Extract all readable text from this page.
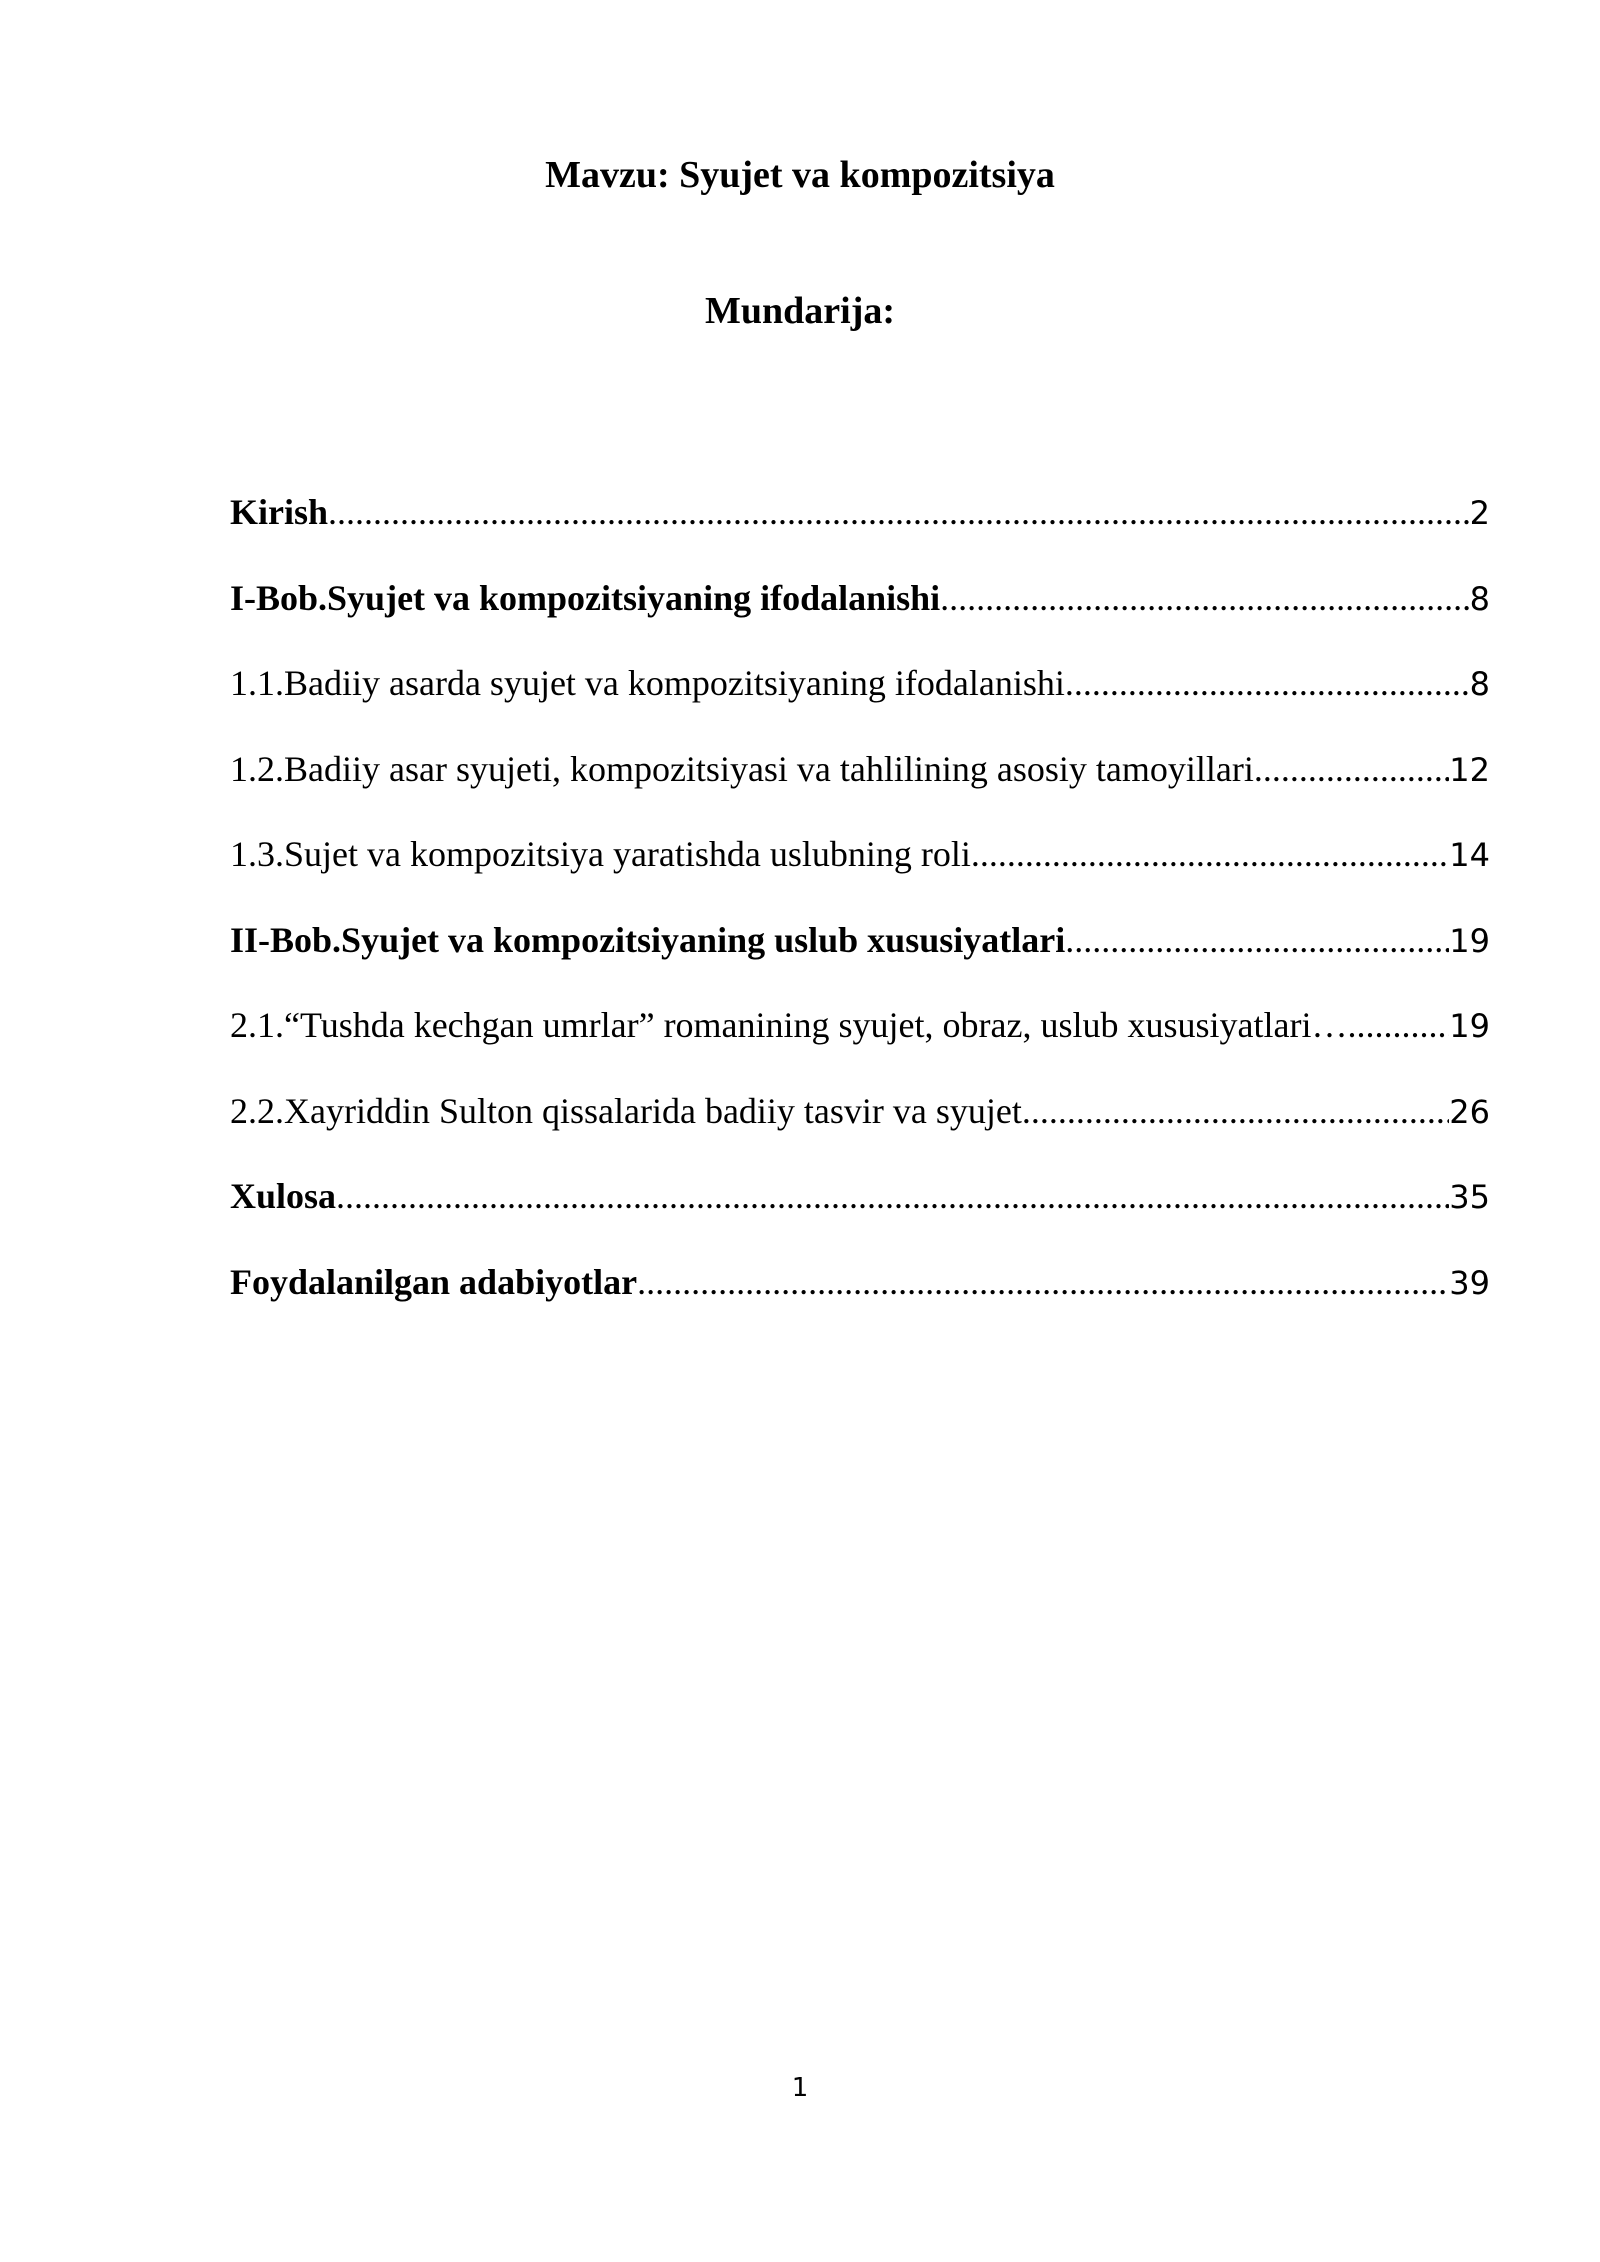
Mavzu: Syujet va kompozitsiya
Mundarija:
Kirish .....	2
I-Bob.Syujet va kompozitsiyaning ifodalanishi .....	8
1.1.Badiiy asarda syujet va kompozitsiyaning ifodalanishi .....	8
1.2.Badiiy asar syujeti, kompozitsiyasi va tahlilining asosiy tamoyillari .....	12
1.3.Sujet va kompozitsiya yaratishda uslubning roli .....	14
II-Bob.Syujet va kompozitsiyaning uslub xususiyatlari .....	19
2.1.“Tushda kechgan umrlar” romanining syujet, obraz, uslub xususiyatlari… .....	19
2.2.Xayriddin Sulton qissalarida badiiy tasvir va syujet .....	26
Xulosa .....	35
Foydalanilgan adabiyotlar .....	39
1
